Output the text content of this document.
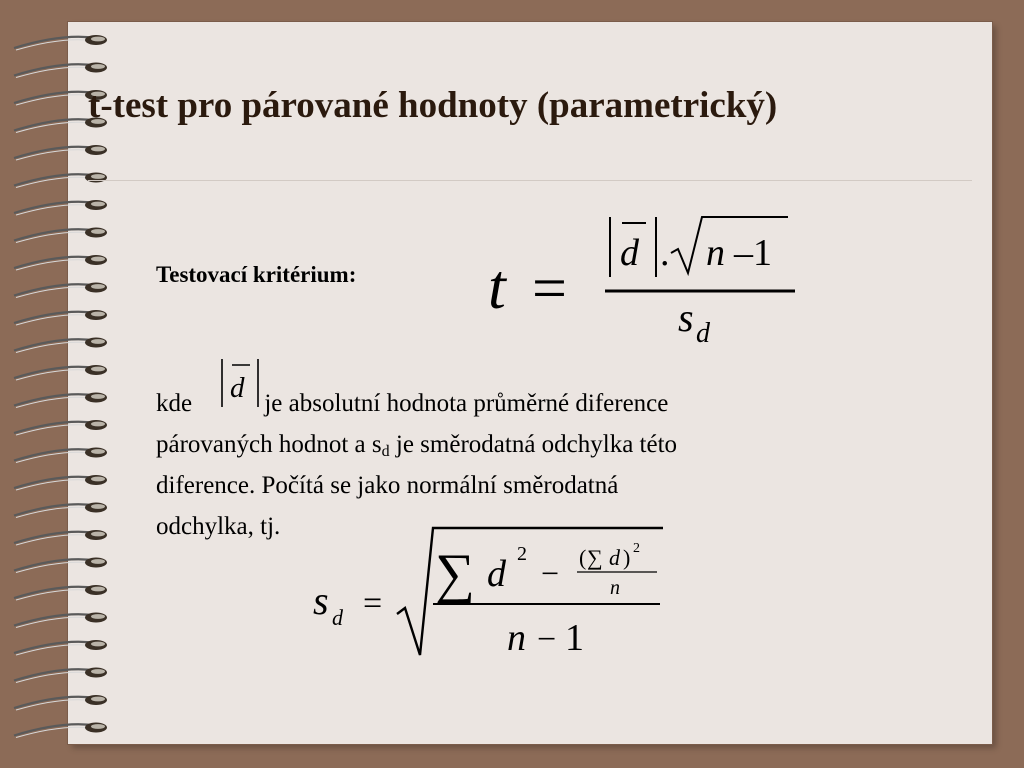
t-test pro párované hodnoty (parametrický)
Testovací kritérium: t =
d . n –1
s d
d
kde	je absolutní hodnota průměrné diference
párovaných hodnot a $s_d$ je směrodatná odchylka této
diference. Počítá se jako normální směrodatná
odchylka, tj.
s d = ∑ d 2
− ( ∑ d ) 2
n
n − 1
